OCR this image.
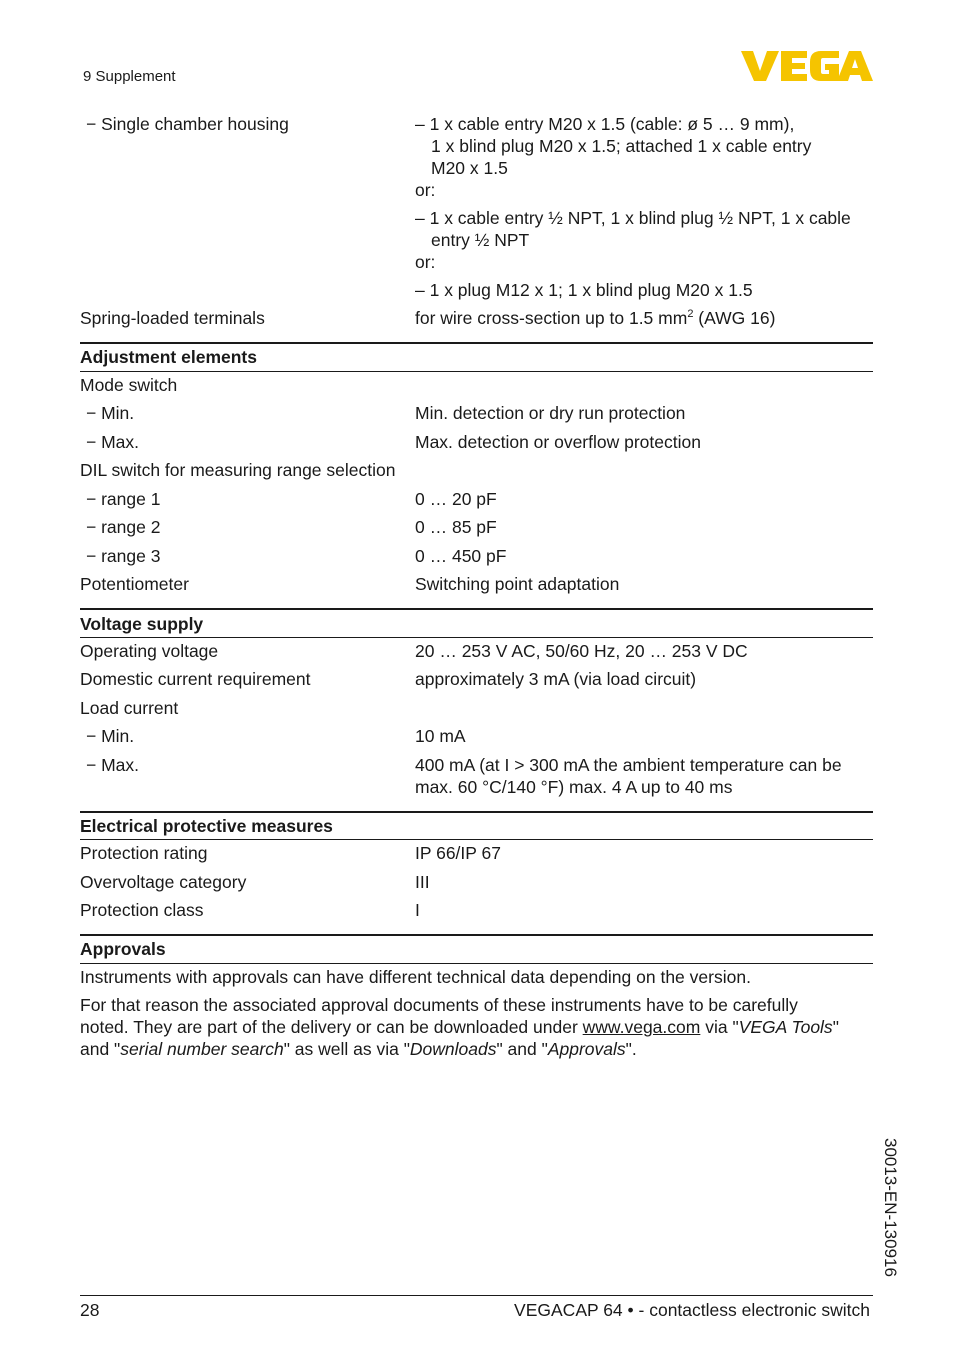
9 Supplement
− Single chamber housing	– 1 x cable entry M20 x 1.5 (cable: ø 5 … 9 mm),
1 x blind plug M20 x 1.5; attached 1 x cable entry
M20 x 1.5
or:
– 1 x cable entry ½ NPT, 1 x blind plug ½ NPT, 1 x cable
entry ½ NPT
or:
– 1 x plug M12 x 1; 1 x blind plug M20 x 1.5
Spring-loaded terminals	for wire cross-section up to 1.5 $mm^2$ (AWG 16)
Adjustment elements
Mode switch
− Min.	Min. detection or dry run protection
− Max.	Max. detection or overflow protection
DIL switch for measuring range selection
− range 1	0 … 20 pF
− range 2	0 … 85 pF
− range 3	0 … 450 pF
Potentiometer	Switching point adaptation
Voltage supply
Operating voltage	20 … 253 V AC, 50/60 Hz, 20 … 253 V DC
Domestic current requirement	approximately 3 mA (via load circuit)
Load current
− Min.	10 mA
− Max.	400 mA (at I > 300 mA the ambient temperature can be
max. 60 °C/140 °F) max. 4 A up to 40 ms
Electrical protective measures
Protection rating	IP 66/IP 67
Overvoltage category	III
Protection class	I
Approvals
Instruments with approvals can have different technical data depending on the version.
For that reason the associated approval documents of these instruments have to be carefully
noted. They are part of the delivery or can be downloaded under www.vega.com via "VEGA Tools"
and "serial number search" as well as via "Downloads" and "Approvals".
30013-EN-130916
28	VEGACAP 64 • - contactless electronic switch
